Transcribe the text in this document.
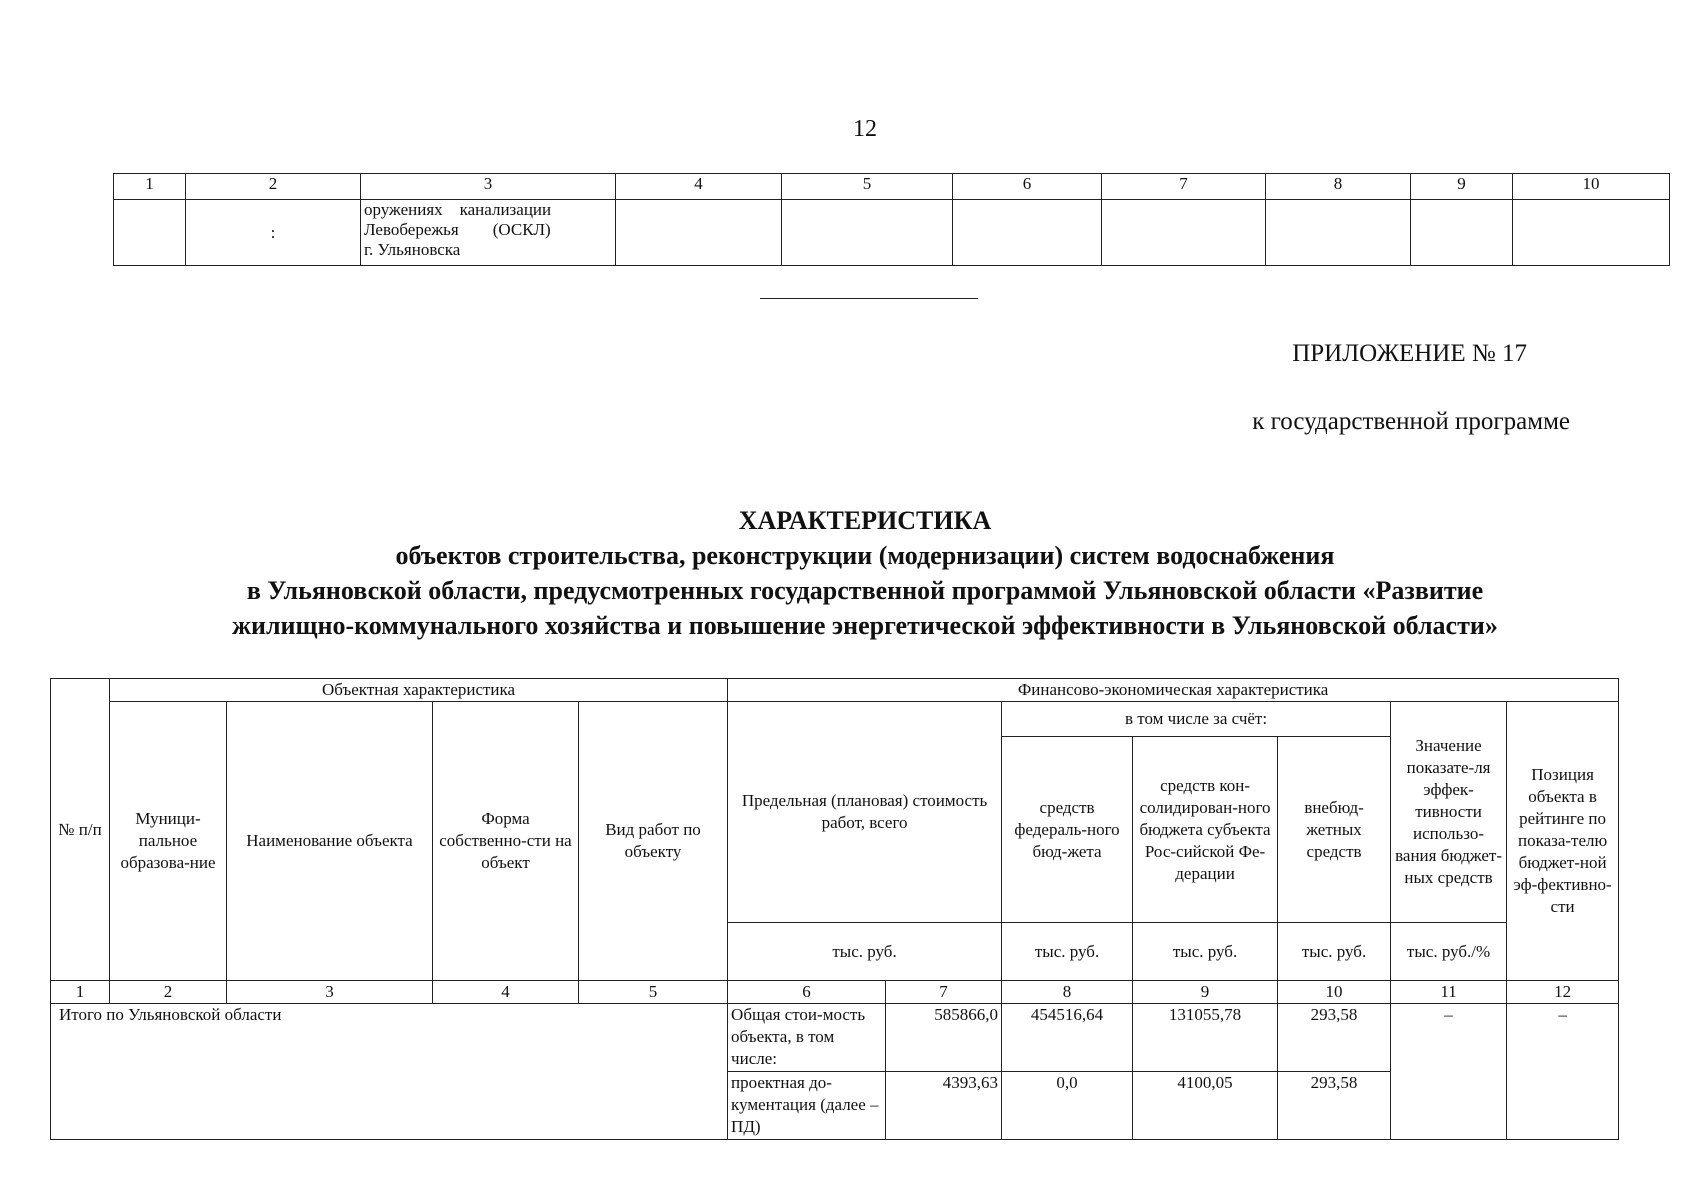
12
1	2	3	4	5	6	7	8	9	10
	:	оружениях    канализации
Левобережья        (ОСКЛ)
г. Ульяновска							

ПРИЛОЖЕНИЕ № 17
к государственной программе
ХАРАКТЕРИСТИКА
объектов строительства, реконструкции (модернизации) систем водоснабжения
в Ульяновской области, предусмотренных государственной программой Ульяновской области «Развитие
жилищно-коммунального хозяйства и повышение энергетической эффективности в Ульяновской области»
№ п/п	Объектная характеристика				Финансово-экономическая характеристика						
	Муници-пальное образова-ние	Наименование объекта	Форма собственно-сти на объект	Вид работ по объекту	Предельная (плановая) стоимость работ, всего		в том числе за счёт:			Значение показате-ля эффек-тивности использо-вания бюджет-ных средств	Позиция объекта в рейтинге по показа-телю бюджет-ной эф-фективно-сти
							средств федераль-ного бюд-жета	средств кон-солидирован-ного бюджета субъекта Рос-сийской Фе-дерации	внебюд-жетных средств		
					тыс. руб.		тыс. руб.	тыс. руб.	тыс. руб.	тыс. руб./%	
1	2	3	4	5	6	7	8	9	10	11	12
Итого по Ульяновской области					Общая стои-мость объекта, в том числе:	585866,0	454516,64	131055,78	293,58	–	–
					проектная до-кументация (далее – ПД)	4393,63	0,0	4100,05	293,58		
